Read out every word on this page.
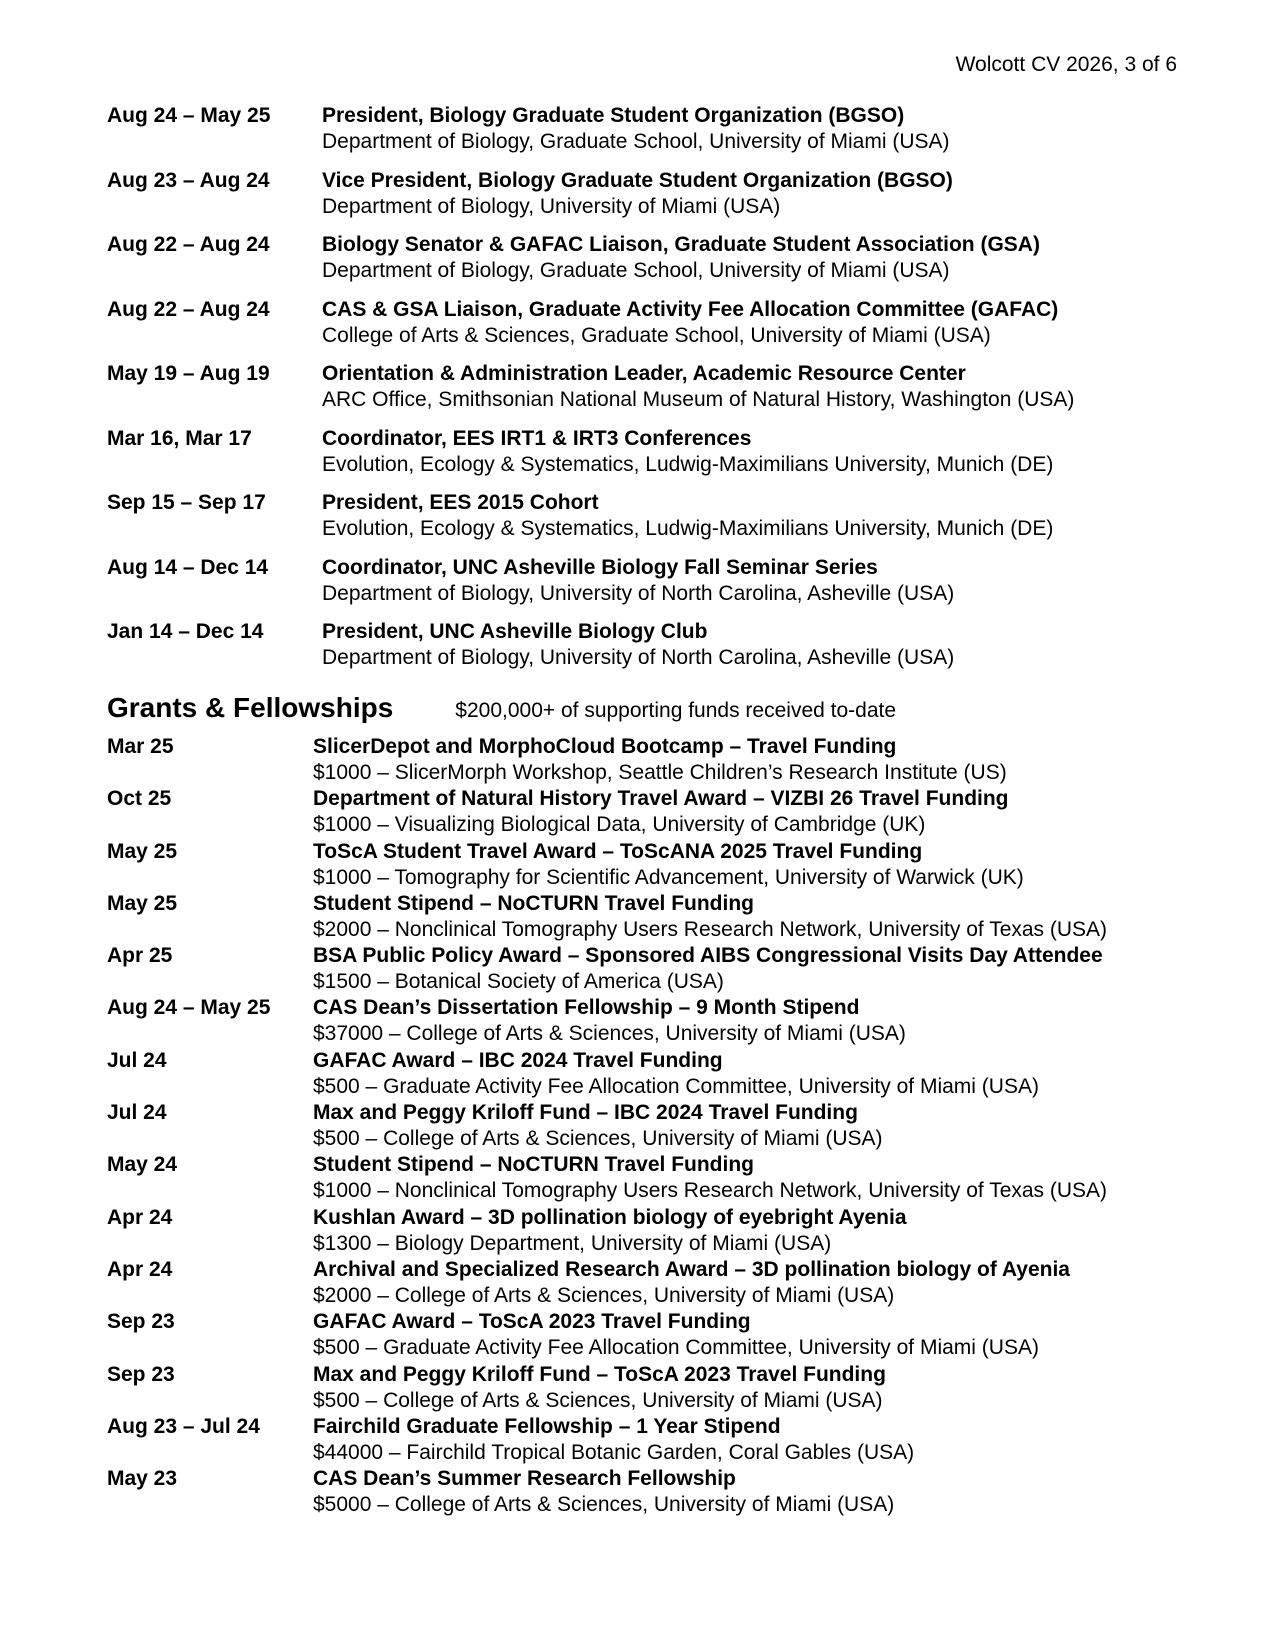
Wolcott CV 2026, 3 of 6
Aug 24 – May 25	President, Biology Graduate Student Organization (BGSO)
Department of Biology, Graduate School, University of Miami (USA)
Aug 23 – Aug 24	Vice President, Biology Graduate Student Organization (BGSO)
Department of Biology, University of Miami (USA)
Aug 22 – Aug 24	Biology Senator & GAFAC Liaison, Graduate Student Association (GSA)
Department of Biology, Graduate School, University of Miami (USA)
Aug 22 – Aug 24	CAS & GSA Liaison, Graduate Activity Fee Allocation Committee (GAFAC)
College of Arts & Sciences, Graduate School, University of Miami (USA)
May 19 – Aug 19	Orientation & Administration Leader, Academic Resource Center
ARC Office, Smithsonian National Museum of Natural History, Washington (USA)
Mar 16, Mar 17	Coordinator, EES IRT1 & IRT3 Conferences
Evolution, Ecology & Systematics, Ludwig-Maximilians University, Munich (DE)
Sep 15 – Sep 17	President, EES 2015 Cohort
Evolution, Ecology & Systematics, Ludwig-Maximilians University, Munich (DE)
Aug 14 – Dec 14	Coordinator, UNC Asheville Biology Fall Seminar Series
Department of Biology, University of North Carolina, Asheville (USA)
Jan 14 – Dec 14	President, UNC Asheville Biology Club
Department of Biology, University of North Carolina, Asheville (USA)
Grants & Fellowships	$200,000+ of supporting funds received to-date
Mar 25	SlicerDepot and MorphoCloud Bootcamp – Travel Funding
$1000 – SlicerMorph Workshop, Seattle Children’s Research Institute (US)
Oct 25	Department of Natural History Travel Award – VIZBI 26 Travel Funding
$1000 – Visualizing Biological Data, University of Cambridge (UK)
May 25	ToScA Student Travel Award – ToScANA 2025 Travel Funding
$1000 – Tomography for Scientific Advancement, University of Warwick (UK)
May 25	Student Stipend – NoCTURN Travel Funding
$2000 – Nonclinical Tomography Users Research Network, University of Texas (USA)
Apr 25	BSA Public Policy Award – Sponsored AIBS Congressional Visits Day Attendee
$1500 – Botanical Society of America (USA)
Aug 24 – May 25	CAS Dean’s Dissertation Fellowship – 9 Month Stipend
$37000 – College of Arts & Sciences, University of Miami (USA)
Jul 24	GAFAC Award – IBC 2024 Travel Funding
$500 – Graduate Activity Fee Allocation Committee, University of Miami (USA)
Jul 24	Max and Peggy Kriloff Fund – IBC 2024 Travel Funding
$500 – College of Arts & Sciences, University of Miami (USA)
May 24	Student Stipend – NoCTURN Travel Funding
$1000 – Nonclinical Tomography Users Research Network, University of Texas (USA)
Apr 24	Kushlan Award – 3D pollination biology of eyebright Ayenia
$1300 – Biology Department, University of Miami (USA)
Apr 24	Archival and Specialized Research Award – 3D pollination biology of Ayenia
$2000 – College of Arts & Sciences, University of Miami (USA)
Sep 23	GAFAC Award – ToScA 2023 Travel Funding
$500 – Graduate Activity Fee Allocation Committee, University of Miami (USA)
Sep 23	Max and Peggy Kriloff Fund – ToScA 2023 Travel Funding
$500 – College of Arts & Sciences, University of Miami (USA)
Aug 23 – Jul 24	Fairchild Graduate Fellowship – 1 Year Stipend
$44000 – Fairchild Tropical Botanic Garden, Coral Gables (USA)
May 23	CAS Dean’s Summer Research Fellowship
$5000 – College of Arts & Sciences, University of Miami (USA)
